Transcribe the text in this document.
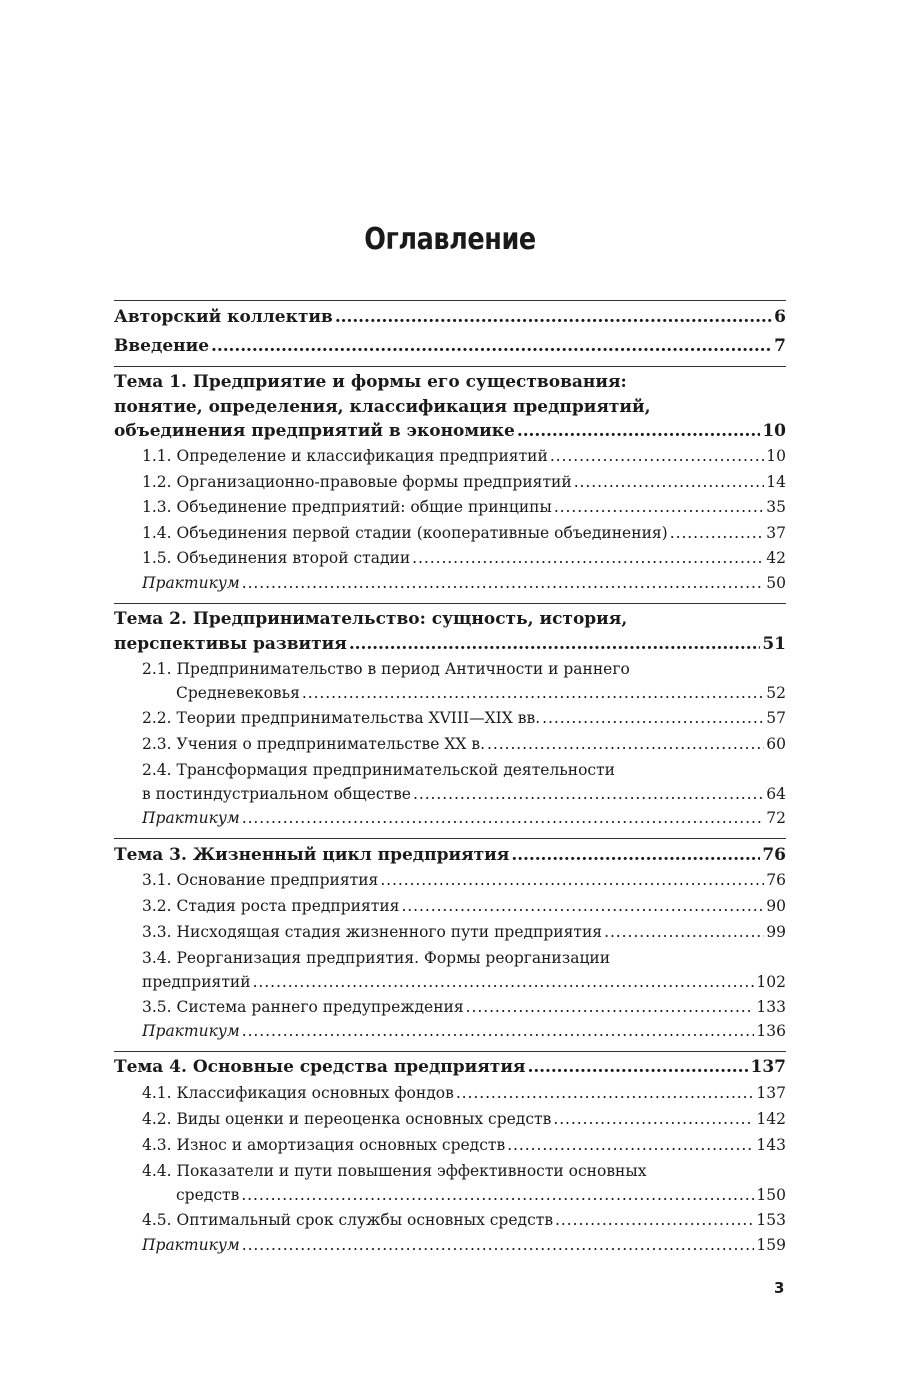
Оглавление
Авторский коллектив . . .	6
Введение . . .	7
Тема 1. Предприятие и формы его существования:
понятие, определения, классификация предприятий,
объединения предприятий в экономике . . .	10
1.1. Определение и классификация предприятий . . .	10
1.2. Организационно-правовые формы предприятий . . .	14
1.3. Объединение предприятий: общие принципы . . .	35
1.4. Объединения первой стадии (кооперативные объединения) . . .	37
1.5. Объединения второй стадии . . .	42
Практикум . . .	50
Тема 2. Предпринимательство: сущность, история,
перспективы развития . . .	51
2.1. Предпринимательство в период Античности и раннего
Средневековья . . .	52
2.2. Теории предпринимательства XVIII—XIX вв. . . .	57
2.3. Учения о предпринимательстве XX в. . . .	60
2.4. Трансформация предпринимательской деятельности
в постиндустриальном обществе . . .	64
Практикум . . .	72
Тема 3. Жизненный цикл предприятия . . .	76
3.1. Основание предприятия . . .	76
3.2. Стадия роста предприятия . . .	90
3.3. Нисходящая стадия жизненного пути предприятия . . .	99
3.4. Реорганизация предприятия. Формы реорганизации
предприятий . . .	102
3.5. Система раннего предупреждения . . .	133
Практикум . . .	136
Тема 4. Основные средства предприятия . . .	137
4.1. Классификация основных фондов . . .	137
4.2. Виды оценки и переоценка основных средств . . .	142
4.3. Износ и амортизация основных средств . . .	143
4.4. Показатели и пути повышения эффективности основных
средств . . .	150
4.5. Оптимальный срок службы основных средств . . .	153
Практикум . . .	159
3
